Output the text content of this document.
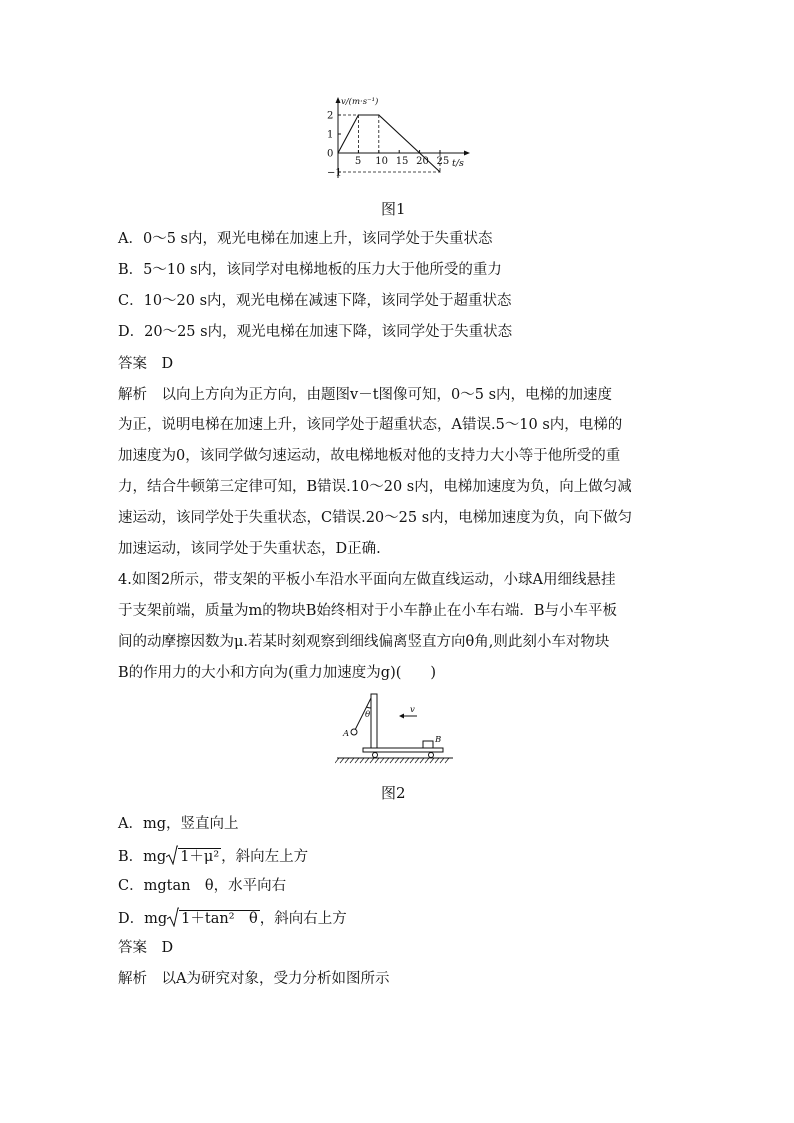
5 10 15 20 25
2
1
0
−1
v/(m·s⁻¹)
t/s
图1
A．0～5 s内，观光电梯在加速上升，该同学处于失重状态
B．5～10 s内，该同学对电梯地板的压力大于他所受的重力
C．10～20 s内，观光电梯在减速下降，该同学处于超重状态
D．20～25 s内，观光电梯在加速下降，该同学处于失重状态
答案　D
解析　以向上方向为正方向，由题图v－t图像可知，0～5 s内，电梯的加速度
为正，说明电梯在加速上升，该同学处于超重状态，A错误.5～10 s内，电梯的
加速度为0，该同学做匀速运动，故电梯地板对他的支持力大小等于他所受的重
力，结合牛顿第三定律可知，B错误.10～20 s内，电梯加速度为负，向上做匀减
速运动，该同学处于失重状态，C错误.20～25 s内，电梯加速度为负，向下做匀
加速运动，该同学处于失重状态，D正确.
4.如图2所示，带支架的平板小车沿水平面向左做直线运动，小球A用细线悬挂
于支架前端，质量为m的物块B始终相对于小车静止在小车右端．B与小车平板
间的动摩擦因数为μ.若某时刻观察到细线偏离竖直方向θ角,则此刻小车对物块
B的作用力的大小和方向为(重力加速度为g)(　　)
θ	v
A
B
图2
A．mg，竖直向上
B．mg 1＋μ² ，斜向左上方
C．mgtan　θ，水平向右
D．mg 1＋tan²　θ ，斜向右上方
答案　D
解析　以A为研究对象，受力分析如图所示
